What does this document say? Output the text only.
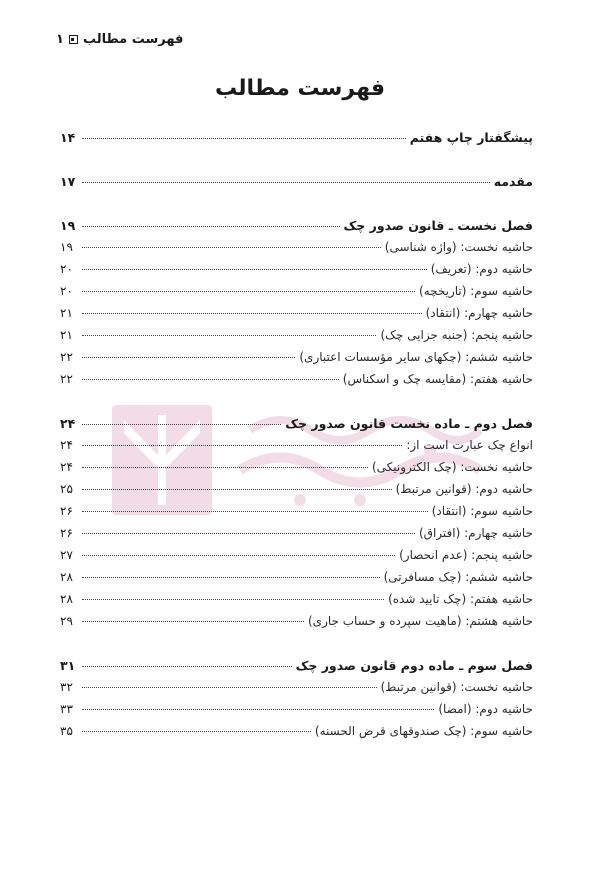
فهرست مطالب
۱
فهرست مطالب
پیشگفتار چاپ هفتم
۱۴
مقدمه
۱۷
فصل نخست ـ قانون صدور چک
۱۹
حاشیه نخست: (واژه شناسی)
۱۹
حاشیه دوم: (تعریف)
۲۰
حاشیه سوم: (تاریخچه)
۲۰
حاشیه چهارم: (انتقاد)
۲۱
حاشیه پنجم: (جنبه جزایی چک)
۲۱
حاشیه ششم: (چکهای سایر مؤسسات اعتباری)
۲۲
حاشیه هفتم: (مقایسه چک و اسکناس)
۲۲
فصل دوم ـ ماده نخست قانون صدور چک
۲۴
انواع چک عبارت است از:
۲۴
حاشیه نخست: (چک الکترونیکی)
۲۴
حاشیه دوم: (قوانین مرتبط)
۲۵
حاشیه سوم: (انتقاد)
۲۶
حاشیه چهارم: (افتراق)
۲۶
حاشیه پنجم: (عدم انحصار)
۲۷
حاشیه ششم: (چک مسافرتی)
۲۸
حاشیه هفتم: (چک تایید شده)
۲۸
حاشیه هشتم: (ماهیت سپرده و حساب جاری)
۲۹
فصل سوم ـ ماده دوم قانون صدور چک
۳۱
حاشیه نخست: (قوانین مرتبط)
۳۲
حاشیه دوم: (امضا)
۳۳
حاشیه سوم: (چک صندوقهای قرض الحسنه)
۳۵
